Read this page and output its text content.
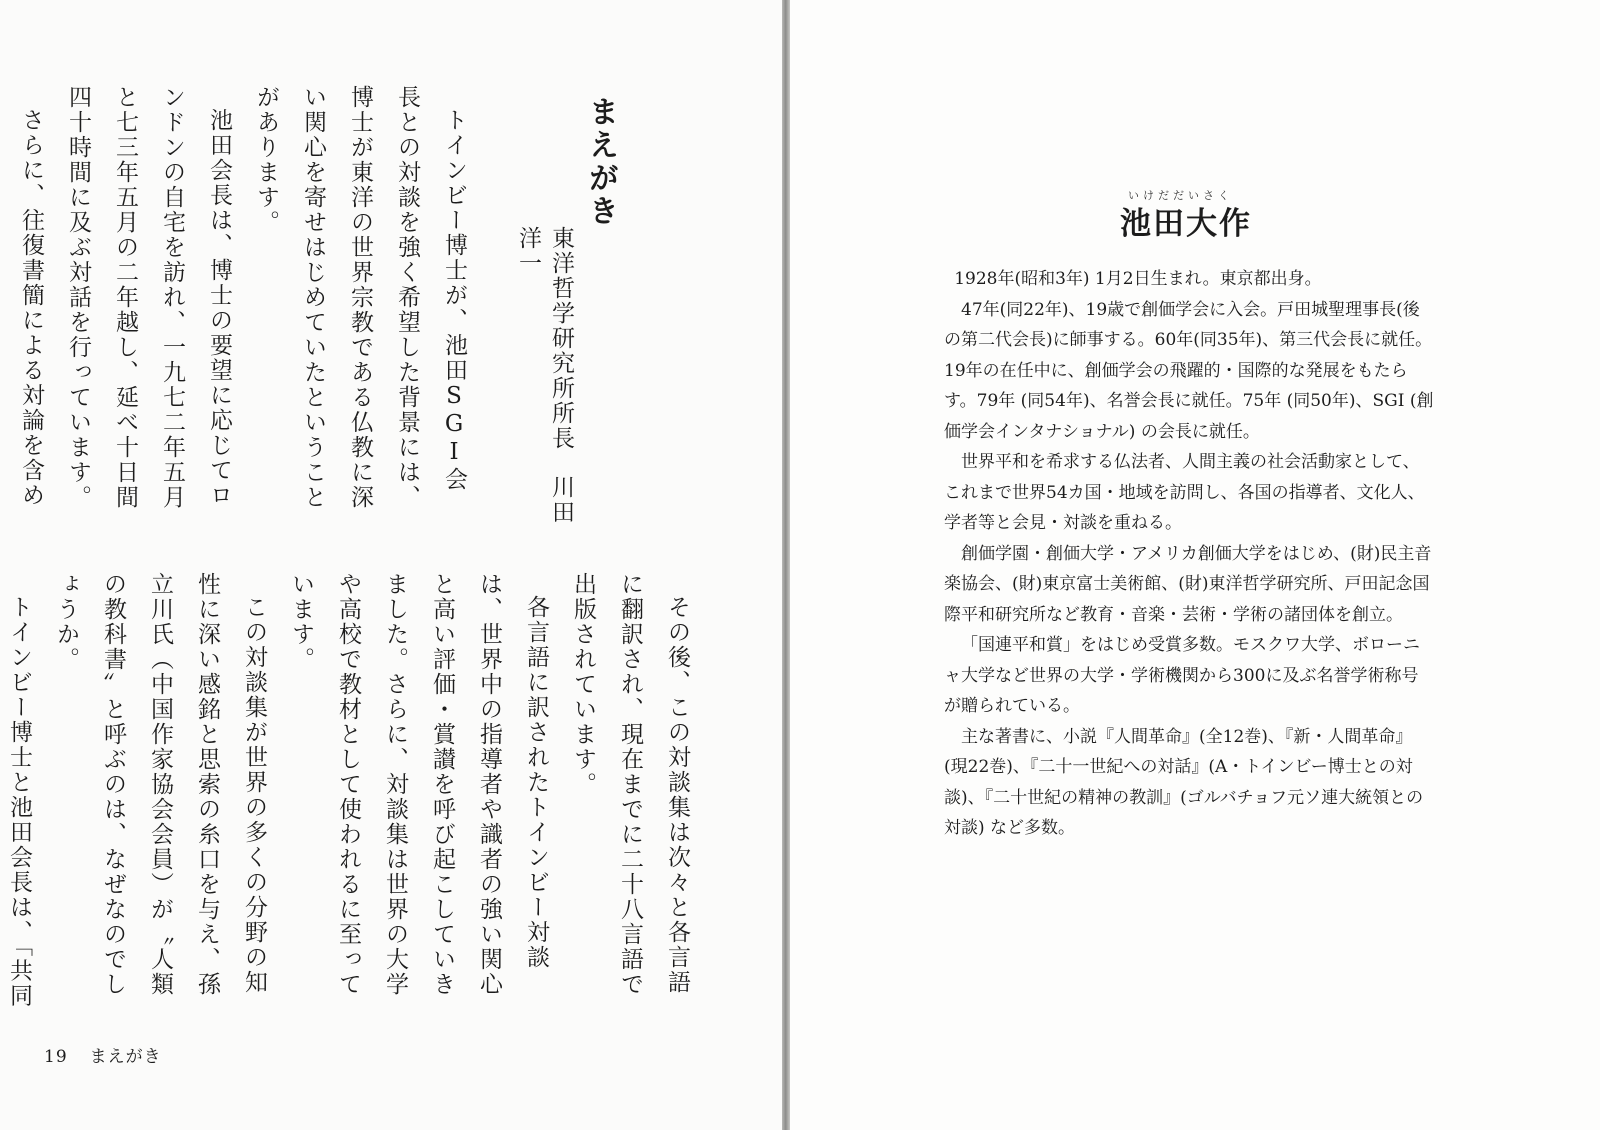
まえがき

東洋哲学研究所所長川田洋一

トインビー博士が、池田SGI会長との対談を強く希望した背景には、博士が東洋の世界宗教である仏教に深い関心を寄せはじめていたということがあります。

池田会長は、博士の要望に応じてロンドンの自宅を訪れ、一九七二年五月と七三年五月の二年越し、延べ十日間四十時間に及ぶ対話を行っています。

さらに、往復書簡による対論を含め

その後、この対談集は次々と各言語に翻訳され、現在までに二十八言語で出版されています。

各言語に訳されたトインビー対談は、世界中の指導者や識者の強い関心と高い評価・賞讃を呼び起こしていきました。さらに、対談集は世界の大学や高校で教材として使われるに至っています。

この対談集が世界の多くの分野の知性に深い感銘と思索の糸口を与え、孫立川氏（中国作家協会会員）が〝人類の教科書〟と呼ぶのは、なぜなのでしょうか。

トインビー博士と池田会長は、「共同

19 まえがき

いけだだいさく

池田大作

1928年(昭和3年) 1月2日生まれ。東京都出身。

47年(同22年)、19歳で創価学会に入会。戸田城聖理事長(後の第二代会長)に師事する。60年(同35年)、第三代会長に就任。19年の在任中に、創価学会の飛躍的・国際的な発展をもたらす。79年 (同54年)、名誉会長に就任。75年 (同50年)、SGI (創価学会インタナショナル) の会長に就任。

世界平和を希求する仏法者、人間主義の社会活動家として、これまで世界54カ国・地域を訪問し、各国の指導者、文化人、学者等と会見・対談を重ねる。

創価学園・創価大学・アメリカ創価大学をはじめ、(財)民主音楽協会、(財)東京富士美術館、(財)東洋哲学研究所、戸田記念国際平和研究所など教育・音楽・芸術・学術の諸団体を創立。

「国連平和賞」をはじめ受賞多数。モスクワ大学、ボローニャ大学など世界の大学・学術機関から300に及ぶ名誉学術称号が贈られている。

主な著書に、小説『人間革命』(全12巻)、『新・人間革命』(現22巻)、『二十一世紀への対話』(A・トインビー博士との対談)、『二十世紀の精神の教訓』(ゴルバチョフ元ソ連大統領との対談) など多数。
